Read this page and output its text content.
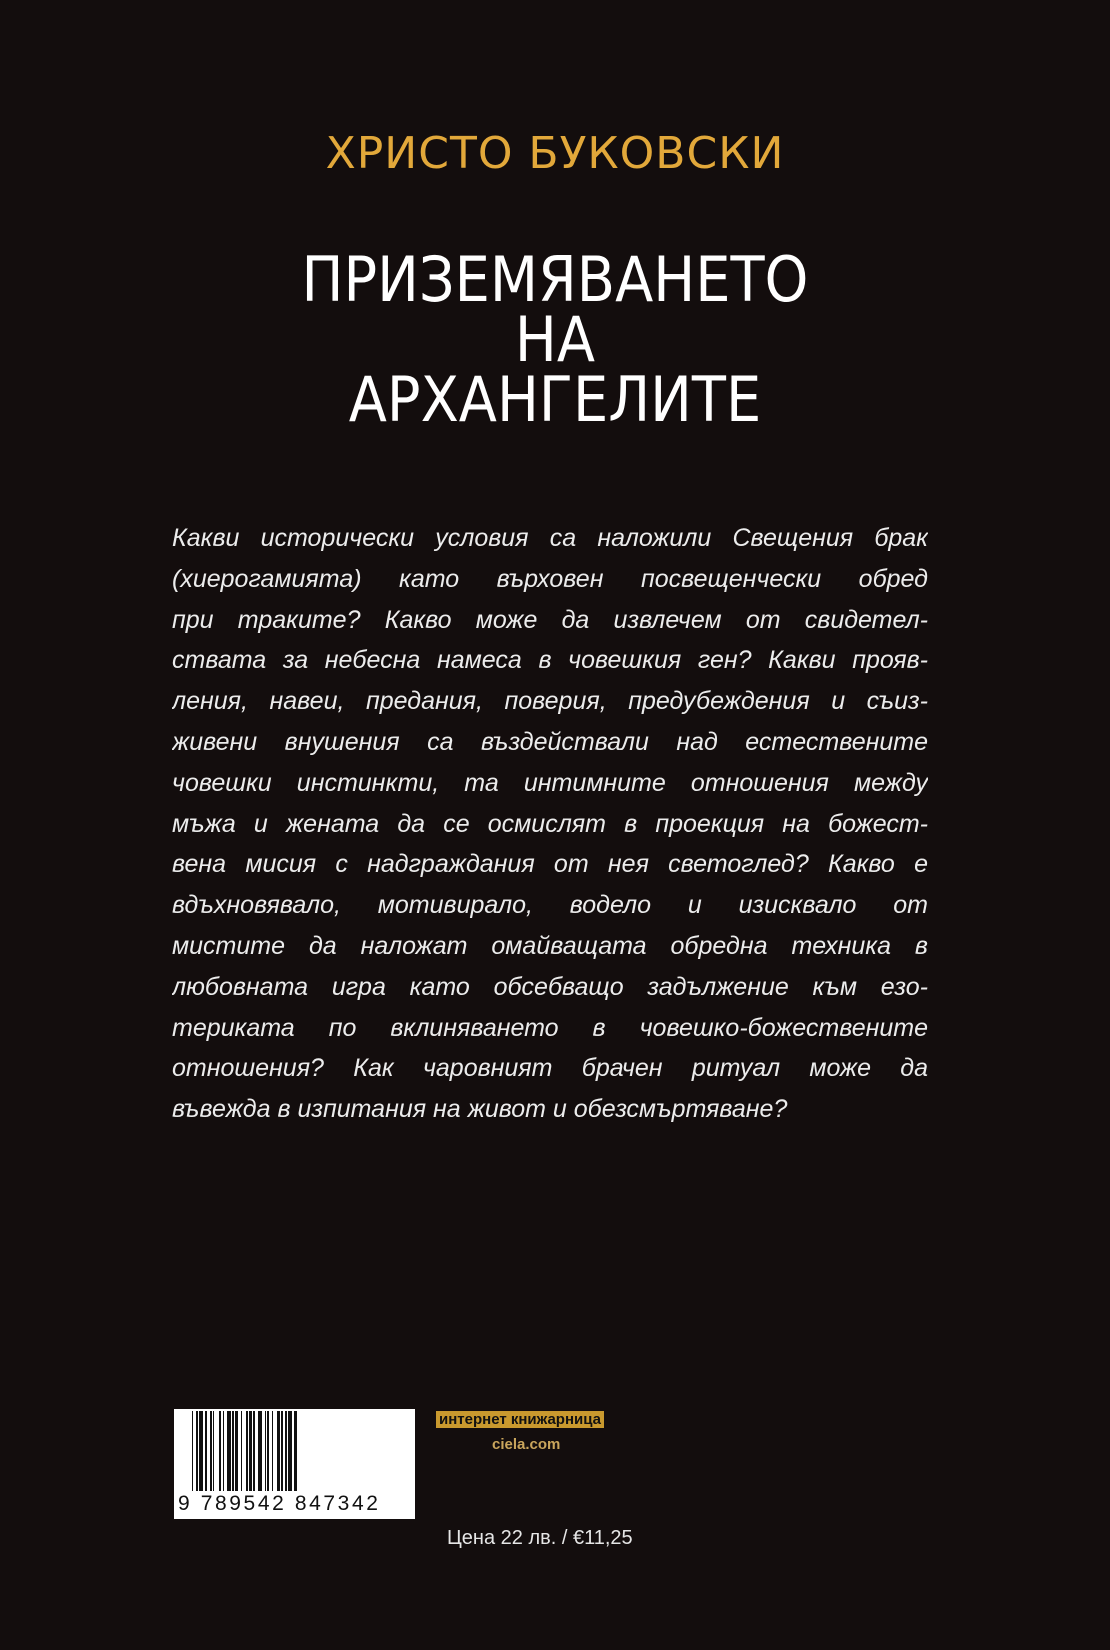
ХРИСТО БУКОВСКИ
ПРИЗЕМЯВАНЕТО
НА
АРХАНГЕЛИТЕ
Какви исторически условия са наложили Свещения брак
(хиерогамията) като върховен посвещенчески обред
при траките? Какво може да извлечем от свидетел-
ствата за небесна намеса в човешкия ген? Какви прояв-
ления, навеи, предания, поверия, предубеждения и съиз-
живени внушения са въздействали над естествените
човешки инстинкти, та интимните отношения между
мъжа и жената да се осмислят в проекция на божест-
вена мисия с надграждания от нея светоглед? Какво е
вдъхновявало, мотивирало, водело и изисквало от
мистите да наложат омайващата обредна техника в
любовната игра като обсебващо задължение към езо-
териката по вклиняването в човешко-божествените
отношения? Как чаровният брачен ритуал може да
въвежда в изпитания на живот и обезсмъртяване?
9 789542 847342
интернет книжарница
ciela.com
Цена 22 лв. / €11,25
